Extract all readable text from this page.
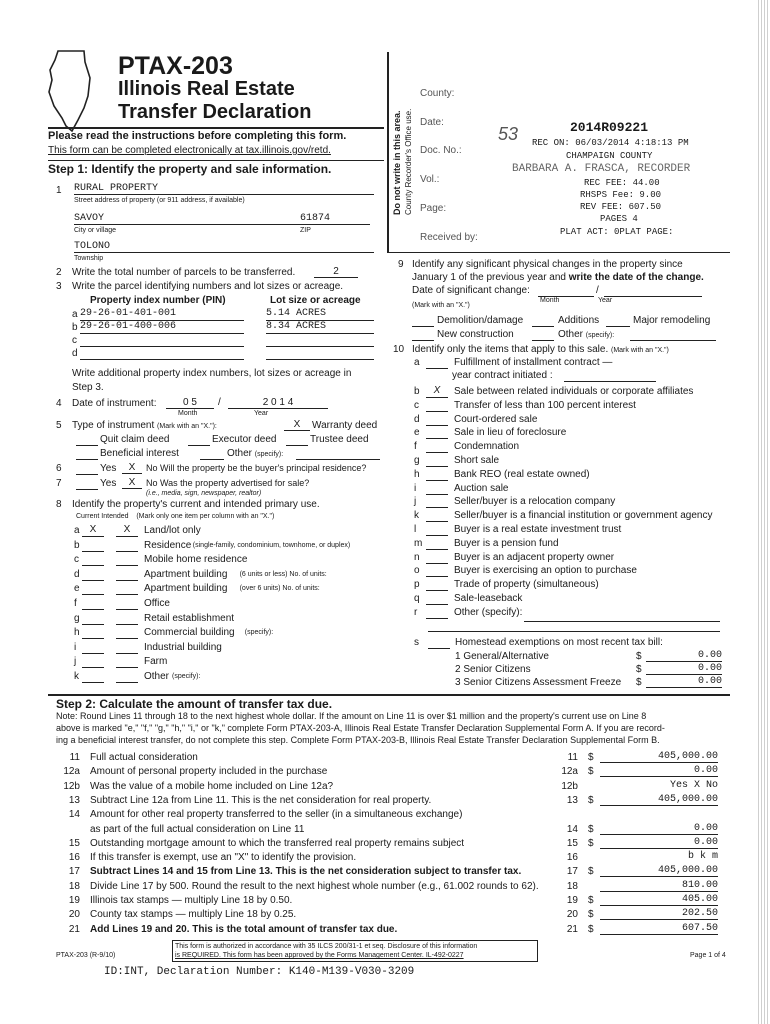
PTAX-203
Illinois Real Estate
Transfer Declaration
Please read the instructions before completing this form.
This form can be completed electronically at tax.illinois.gov/retd.
Step 1: Identify the property and sale information.	Do not write in this area. County Recorder's Office use.
County:
Date:
Doc. No.:
Vol.:
Page:
Received by:
53	2014R09221
REC ON: 06/03/2014 4:18:13 PM
CHAMPAIGN COUNTY
BARBARA A. FRASCA, RECORDER
REC FEE: 44.00
RHSPS Fee: 9.00
REV FEE: 607.50
PAGES 4
PLAT ACT: 0PLAT PAGE:
1 RURAL PROPERTY
Street address of property (or 911 address, if available)
SAVOY	61874
City or village	ZIP
TOLONO
Township
2 Write the total number of parcels to be transferred.	2
3 Write the parcel identifying numbers and lot sizes or acreage.
Property index number (PIN)	Lot size or acreage
Write additional property index numbers, lot sizes or acreage in
Step 3.
4 Date of instrument:	0 5	/	2 0 1 4
Month	Year
5 Type of instrument (Mark with an "X."):	X	Warranty deed
Quit claim deed	Executor deed	Trustee deed
Beneficial interest	Other (specify):
6	Yes	X	No Will the property be the buyer's principal residence?
7	Yes	X	No Was the property advertised for sale?
(i.e., media, sign, newspaper, realtor)
8 Identify the property's current and intended primary use.
Current Intended (Mark only one item per column with an "X.")
9 Identify any significant physical changes in the property since
January 1 of the previous year and write the date of the change.
Date of significant change:	/
Month	Year
(Mark with an "X.")
Demolition/damage	Additions	Major remodeling
New construction	Other (specify):
10 Identify only the items that apply to this sale. (Mark with an "X.")
year contract initiated :
s	Homestead exemptions on most recent tax bill:
Step 2: Calculate the amount of transfer tax due.
Note: Round Lines 11 through 18 to the next highest whole dollar. If the amount on Line 11 is over $1 million and the property's current use on Line 8
above is marked "e," "f," "g," "h," "i," or "k," complete Form PTAX-203-A, Illinois Real Estate Transfer Declaration Supplemental Form A. If you are record-
ing a beneficial interest transfer, do not complete this step. Complete Form PTAX-203-B, Illinois Real Estate Transfer Declaration Supplemental Form B.
PTAX-203 (R-9/10)
This form is authorized in accordance with 35 ILCS 200/31-1 et seq. Disclosure of this information
is REQUIRED. This form has been approved by the Forms Management Center. IL-492-0227	Page 1 of 4
ID:INT, Declaration Number: K140-M139-V030-3209
a 29-26-01-401-001	5.14 ACRES
b 29-26-01-400-006	8.34 ACRES
c
d
a	X	X	Land/lot only
b	Residence (single-family, condominium, townhome, or duplex)
c	Mobile home residence
d	Apartment building (6 units or less) No. of units:
e	Apartment building (over 6 units) No. of units:
f	Office
g	Retail establishment
h	Commercial building (specify):
i	Industrial building
j	Farm
k	Other (specify):
a	Fulfillment of installment contract —
b	X	Sale between related individuals or corporate affiliates
c	Transfer of less than 100 percent interest
d	Court-ordered sale
e	Sale in lieu of foreclosure
f	Condemnation
g	Short sale
h	Bank REO (real estate owned)
i	Auction sale
j	Seller/buyer is a relocation company
k	Seller/buyer is a financial institution or government agency
l	Buyer is a real estate investment trust
m	Buyer is a pension fund
n	Buyer is an adjacent property owner
o	Buyer is exercising an option to purchase
p	Trade of property (simultaneous)
q	Sale-leaseback
r	Other (specify):
1 General/Alternative	$	0.00
2 Senior Citizens	$	0.00
3 Senior Citizens Assessment Freeze $	0.00
11 Full actual consideration	11 $	405,000.00
12a Amount of personal property included in the purchase	12a $	0.00
12b Was the value of a mobile home included on Line 12a?	12b	Yes X No
13 Subtract Line 12a from Line 11. This is the net consideration for real property.	13 $	405,000.00
14 Amount for other real property transferred to the seller (in a simultaneous exchange)
as part of the full actual consideration on Line 11	14 $	0.00
15 Outstanding mortgage amount to which the transferred real property remains subject	15 $	0.00
16 If this transfer is exempt, use an "X" to identify the provision.	16	b k m
17 Subtract Lines 14 and 15 from Line 13. This is the net consideration subject to transfer tax.	17 $	405,000.00
18 Divide Line 17 by 500. Round the result to the next highest whole number (e.g., 61.002 rounds to 62).	18	810.00
19 Illinois tax stamps — multiply Line 18 by 0.50.	19 $	405.00
20 County tax stamps — multiply Line 18 by 0.25.	20 $	202.50
21 Add Lines 19 and 20. This is the total amount of transfer tax due.	21 $	607.50
